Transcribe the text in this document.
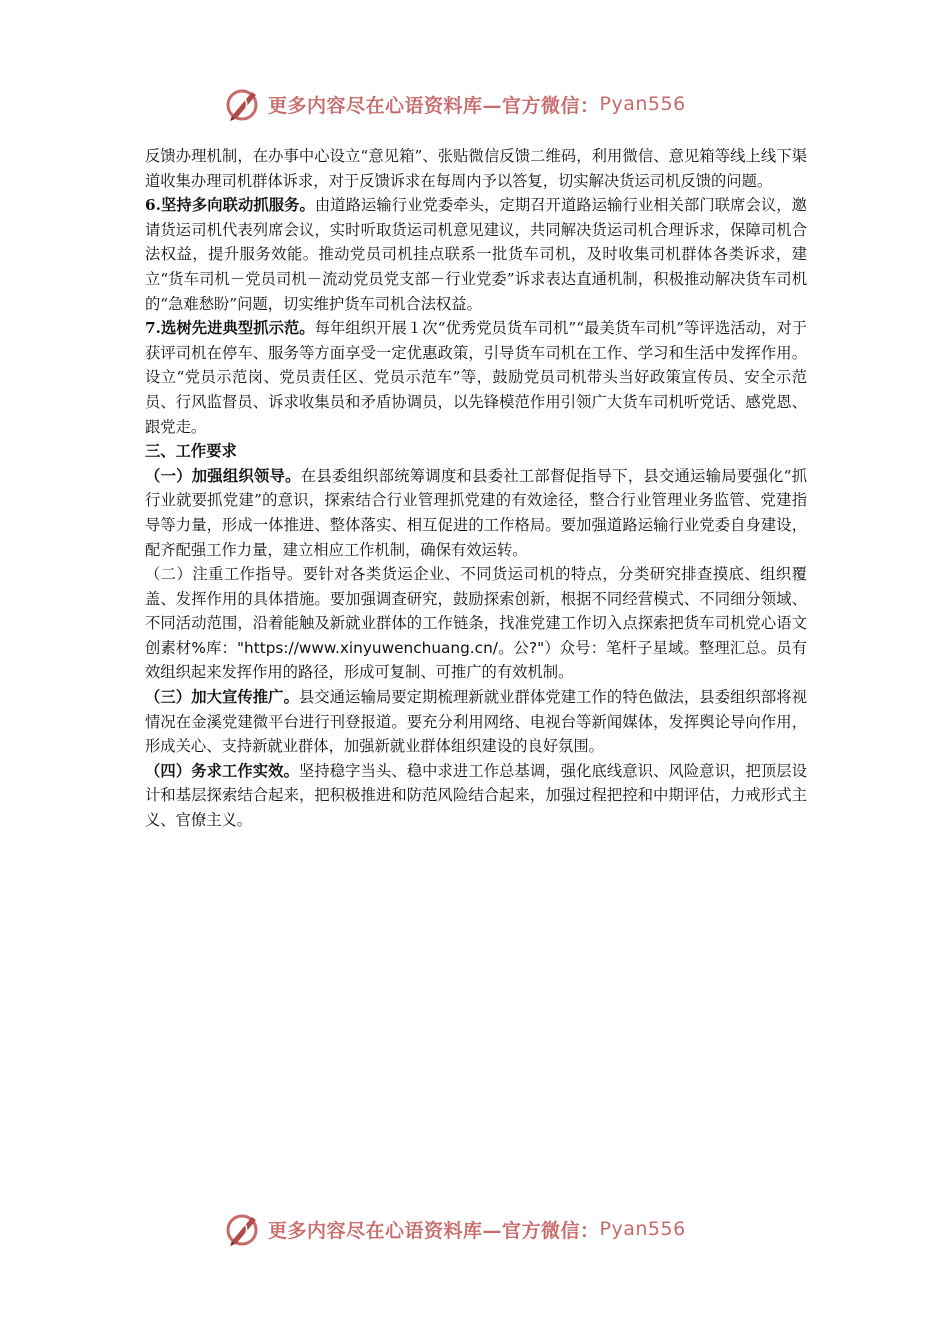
更多内容尽在心语资料库—官方微信： Pyan556

反馈办理机制，在办事中心设立“意见箱”、张贴微信反馈二维码，利用微信、意见箱等线上线下渠道收集办理司机群体诉求，对于反馈诉求在每周内予以答复，切实解决货运司机反馈的问题。

6.坚持多向联动抓服务。由道路运输行业党委牵头，定期召开道路运输行业相关部门联席会议，邀请货运司机代表列席会议，实时听取货运司机意见建议，共同解决货运司机合理诉求，保障司机合法权益，提升服务效能。推动党员司机挂点联系一批货车司机，及时收集司机群体各类诉求，建立“货车司机－党员司机－流动党员党支部－行业党委”诉求表达直通机制，积极推动解决货车司机的“急难愁盼”问题，切实维护货车司机合法权益。

7.选树先进典型抓示范。每年组织开展１次“优秀党员货车司机”“最美货车司机”等评选活动，对于获评司机在停车、服务等方面享受一定优惠政策，引导货车司机在工作、学习和生活中发挥作用。设立“党员示范岗、党员责任区、党员示范车”等，鼓励党员司机带头当好政策宣传员、安全示范员、行风监督员、诉求收集员和矛盾协调员，以先锋模范作用引领广大货车司机听党话、感党恩、跟党走。

三、工作要求

（一）加强组织领导。在县委组织部统筹调度和县委社工部督促指导下，县交通运输局要强化“抓行业就要抓党建”的意识，探索结合行业管理抓党建的有效途径，整合行业管理业务监管、党建指导等力量，形成一体推进、整体落实、相互促进的工作格局。要加强道路运输行业党委自身建设，配齐配强工作力量，建立相应工作机制，确保有效运转。

（二）注重工作指导。要针对各类货运企业、不同货运司机的特点，分类研究排查摸底、组织覆盖、发挥作用的具体措施。要加强调查研究，鼓励探索创新，根据不同经营模式、不同细分领域、不同活动范围，沿着能触及新就业群体的工作链条，找准党建工作切入点探索把货车司机党心语文创素材%库："https://www.xinyuwenchuang.cn/。公?"）众号：笔杆子星域。整理汇总。员有效组织起来发挥作用的路径，形成可复制、可推广的有效机制。

（三）加大宣传推广。县交通运输局要定期梳理新就业群体党建工作的特色做法，县委组织部将视情况在金溪党建微平台进行刊登报道。要充分利用网络、电视台等新闻媒体，发挥舆论导向作用，形成关心、支持新就业群体，加强新就业群体组织建设的良好氛围。

（四）务求工作实效。坚持稳字当头、稳中求进工作总基调，强化底线意识、风险意识，把顶层设计和基层探索结合起来，把积极推进和防范风险结合起来，加强过程把控和中期评估，力戒形式主义、官僚主义。

更多内容尽在心语资料库—官方微信： Pyan556
